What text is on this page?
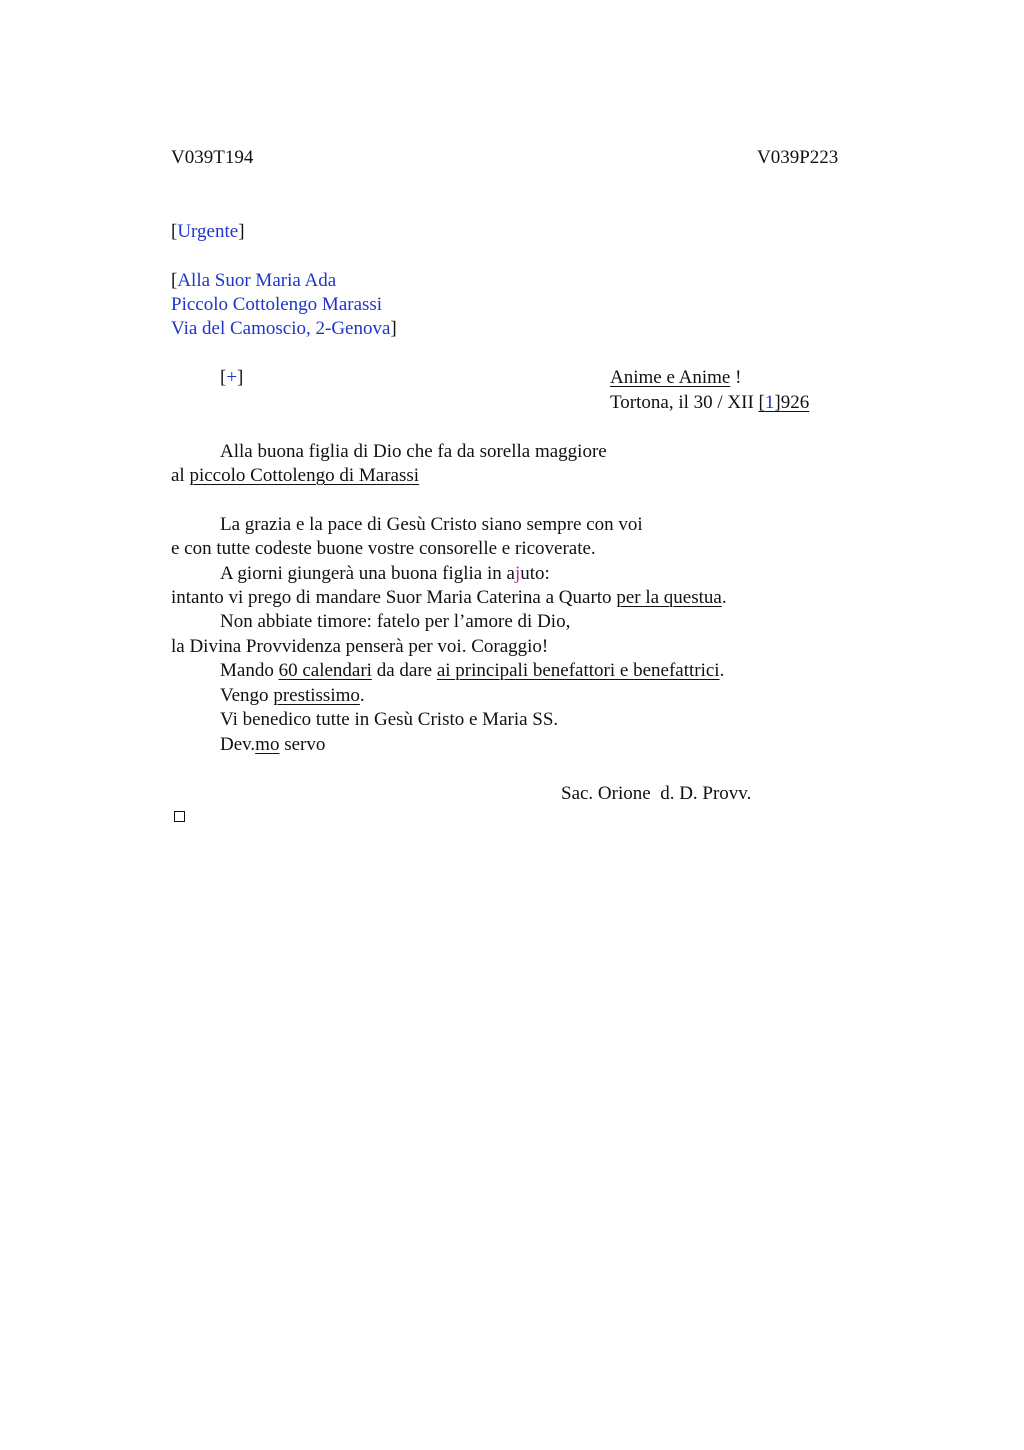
V039T194	V039P223
[Urgente]
[Alla Suor Maria Ada
Piccolo Cottolengo Marassi
Via del Camoscio, 2-Genova]
[+]	Anime e Anime !
Tortona, il 30 / XII [1]926
Alla buona figlia di Dio che fa da sorella maggiore
al piccolo Cottolengo di Marassi
La grazia e la pace di Gesù Cristo siano sempre con voi
e con tutte codeste buone vostre consorelle e ricoverate.
A giorni giungerà una buona figlia in ajuto:
intanto vi prego di mandare Suor Maria Caterina a Quarto per la questua.
Non abbiate timore: fatelo per l’amore di Dio,
la Divina Provvidenza penserà per voi. Coraggio!
Mando 60 calendari da dare ai principali benefattori e benefattrici.
Vengo prestissimo.
Vi benedico tutte in Gesù Cristo e Maria SS.
Dev.mo servo
Sac. Orione  d. D. Provv.
